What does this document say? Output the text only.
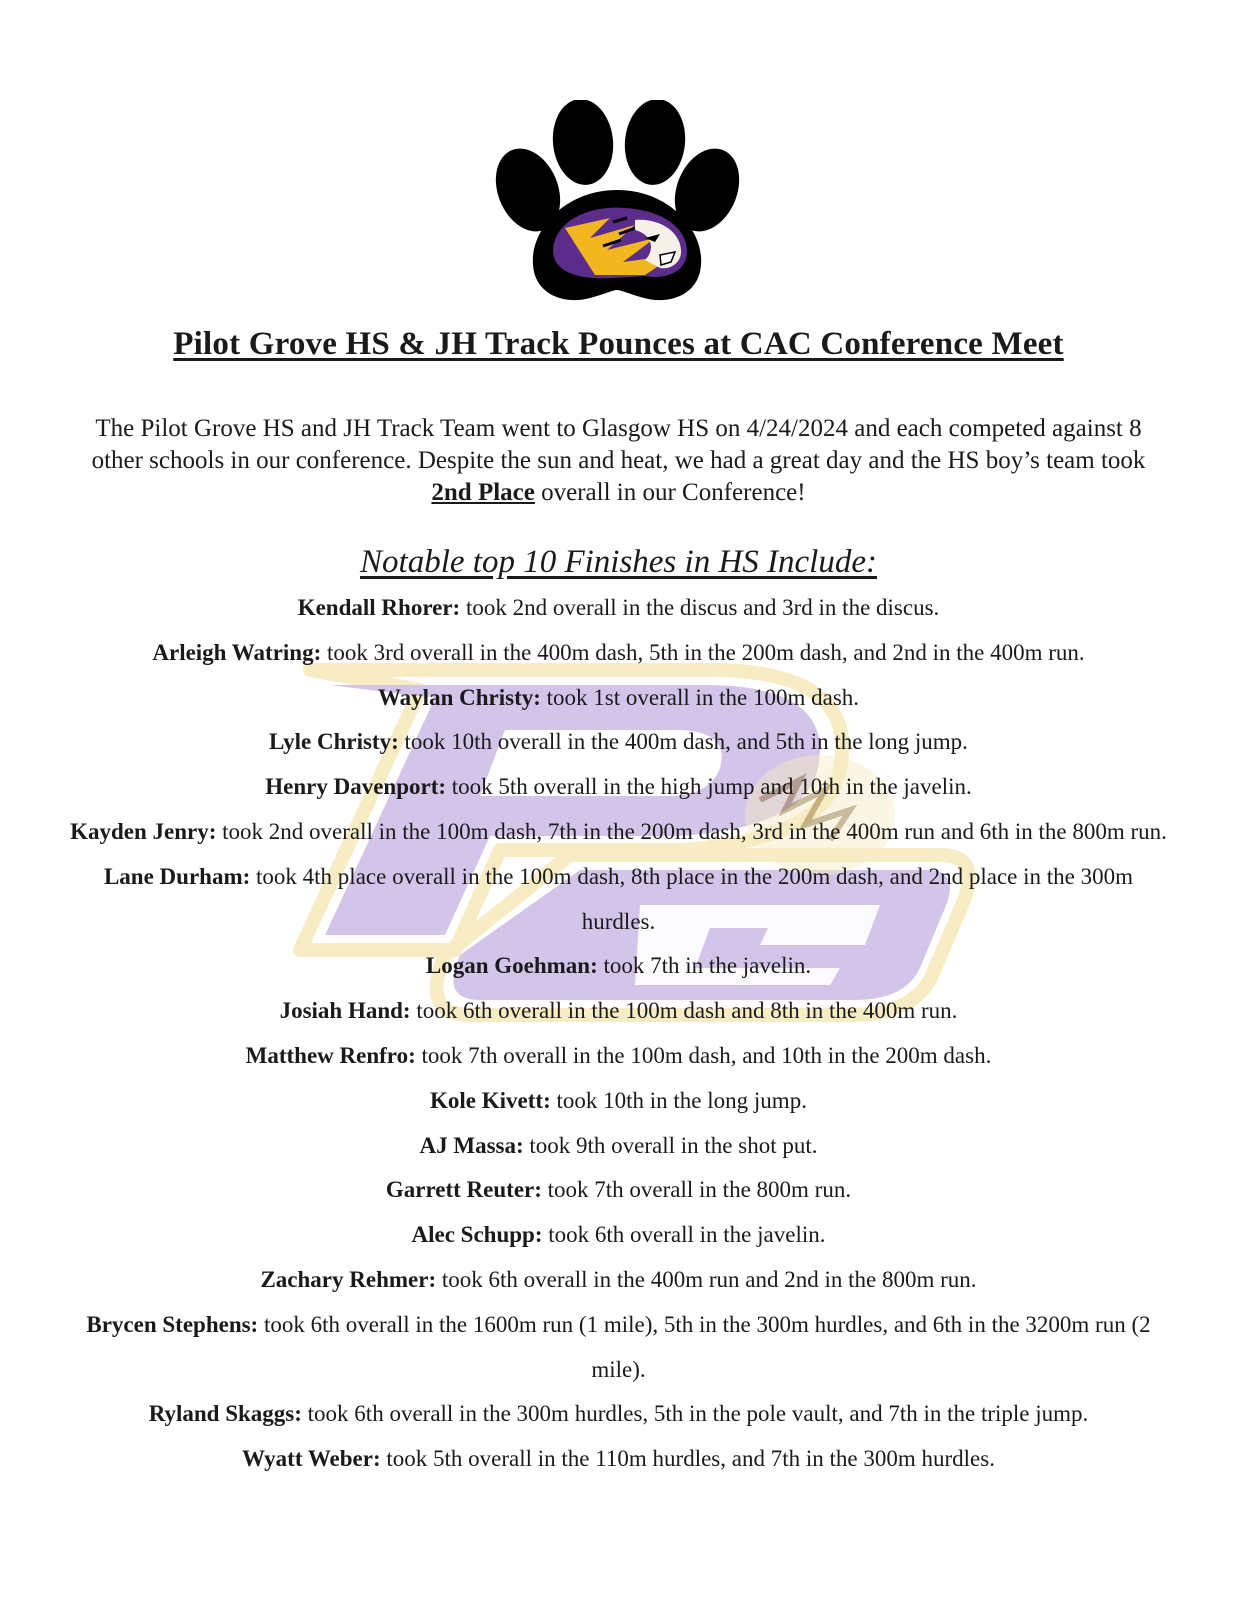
Pilot Grove HS & JH Track Pounces at CAC Conference Meet

The Pilot Grove HS and JH Track Team went to Glasgow HS on 4/24/2024 and each competed against 8 other schools in our conference. Despite the sun and heat, we had a great day and the HS boy’s team took 2nd Place overall in our Conference!

Notable top 10 Finishes in HS Include:
Kendall Rhorer: took 2nd overall in the discus and 3rd in the discus.
Arleigh Watring: took 3rd overall in the 400m dash, 5th in the 200m dash, and 2nd in the 400m run.
Waylan Christy: took 1st overall in the 100m dash.
Lyle Christy: took 10th overall in the 400m dash, and 5th in the long jump.
Henry Davenport: took 5th overall in the high jump and 10th in the javelin.
Kayden Jenry: took 2nd overall in the 100m dash, 7th in the 200m dash, 3rd in the 400m run and 6th in the 800m run.
Lane Durham: took 4th place overall in the 100m dash, 8th place in the 200m dash, and 2nd place in the 300m hurdles.
Logan Goehman: took 7th in the javelin.
Josiah Hand: took 6th overall in the 100m dash and 8th in the 400m run.
Matthew Renfro: took 7th overall in the 100m dash, and 10th in the 200m dash.
Kole Kivett: took 10th in the long jump.
AJ Massa: took 9th overall in the shot put.
Garrett Reuter: took 7th overall in the 800m run.
Alec Schupp: took 6th overall in the javelin.
Zachary Rehmer: took 6th overall in the 400m run and 2nd in the 800m run.
Brycen Stephens: took 6th overall in the 1600m run (1 mile), 5th in the 300m hurdles, and 6th in the 3200m run (2 mile).
Ryland Skaggs: took 6th overall in the 300m hurdles, 5th in the pole vault, and 7th in the triple jump.
Wyatt Weber: took 5th overall in the 110m hurdles, and 7th in the 300m hurdles.
